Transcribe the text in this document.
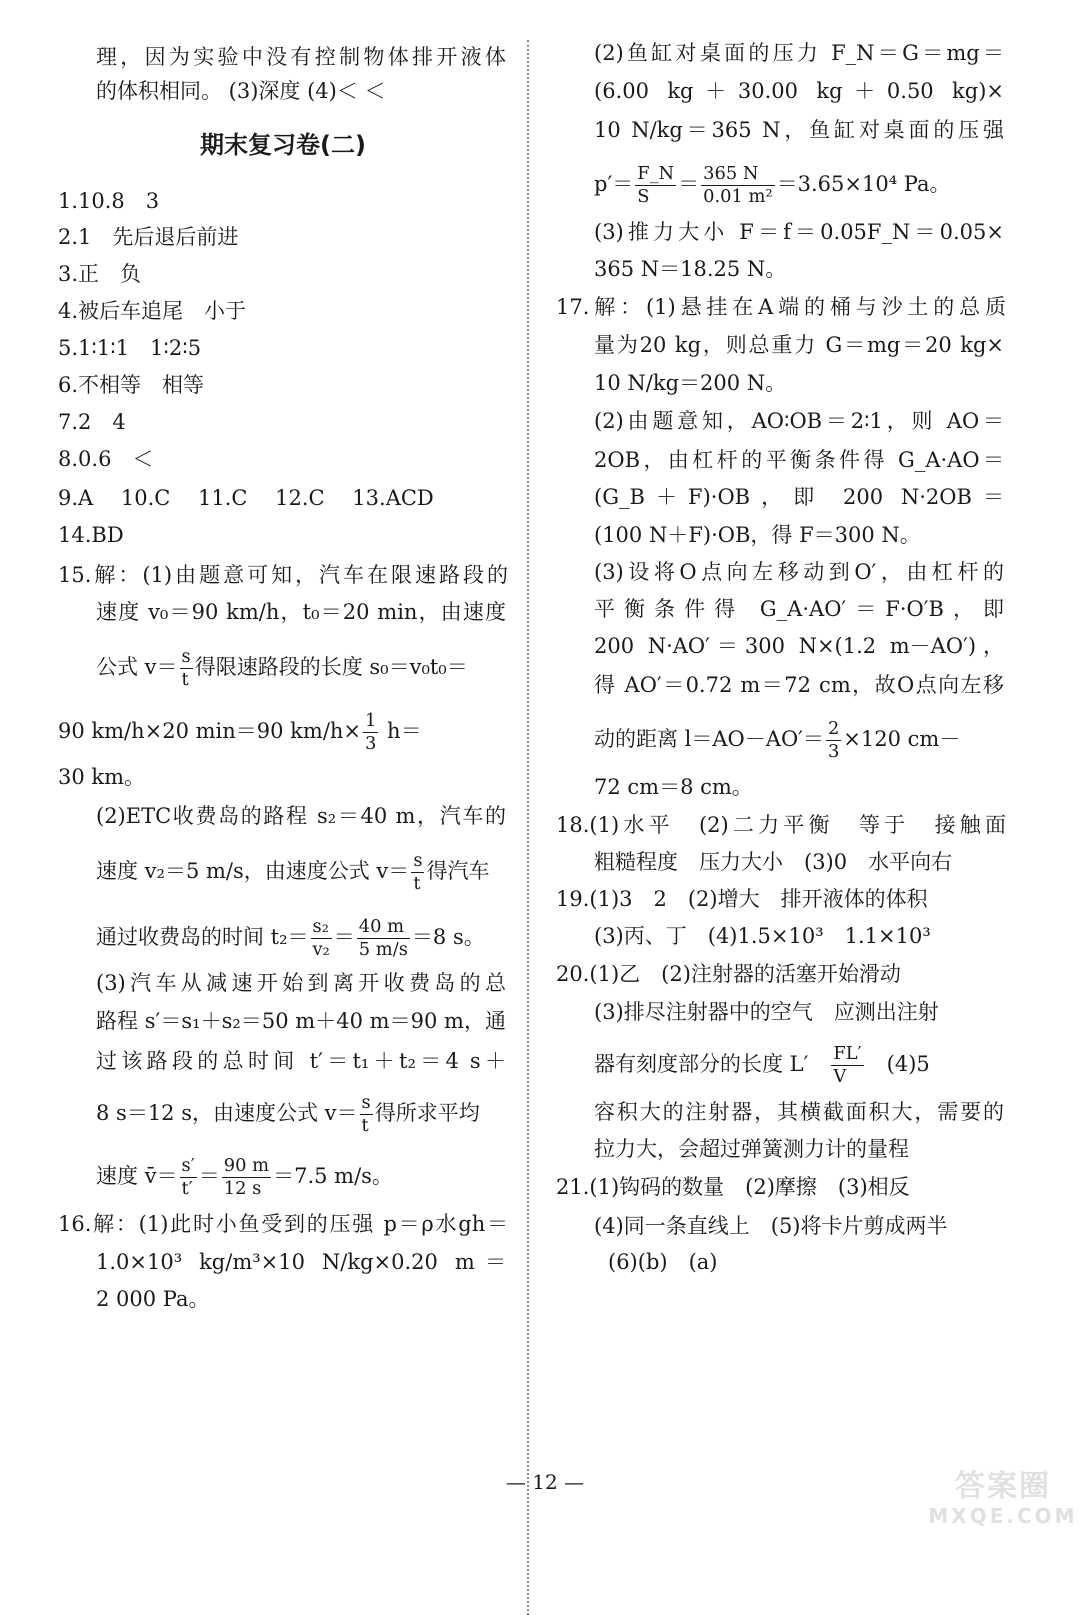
理，因为实验中没有控制物体排开液体
的体积相同。 (3)深度 (4)＜ ＜
期末复习卷(二)
1.10.8　3
2.1　先后退后前进
3.正　负
4.被后车追尾　小于
5.1∶1∶1　1∶2∶5
6.不相等　相等
7.2　4
8.0.6　＜
9.A　 10.C　 11.C　 12.C　 13.ACD
14.BD
15.解：(1)由题意可知，汽车在限速路段的
速度 v₀＝90 km/h，t₀＝20 min，由速度
公式 $v= \frac{s}{t}$ 得限速路段的长度 s₀＝v₀t₀＝
90 km/h×20 min＝90 $km/h\times \frac{1}{3} h=$
30 km。
(2)ETC收费岛的路程 s₂＝40 m，汽车的
速度 v₂＝5 m/s，由速度公式 $v= \frac{s}{t}$ 得汽车
通过收费岛的时间 $t_2= \frac{\text{s₂}}{\text{v₂}} = \frac{40 m}{5 m/s} =8$ s。
(3)汽车从减速开始到离开收费岛的总
路程 s′＝s₁＋s₂＝50 m＋40 m＝90 m，通
过该路段的总时间 t′＝t₁＋t₂＝4 s＋
8 s＝12 s，由速度公式 $v= \frac{s}{t}$ 得所求平均
速度 v̄＝ $\frac{s'}{t'} = \frac{90 m}{12 s} =7.5$ m/s。
16.解：(1)此时小鱼受到的压强 p＝ρ水gh＝
1.0×10³ kg/m³×10 N/kg×0.20 m＝
2 000 Pa。
(2)鱼缸对桌面的压力 F_N＝G＝mg＝
(6.00 kg＋30.00 kg＋0.50 kg)×
10 N/kg＝365 N，鱼缸对桌面的压强
$p'= \frac{F\_N}{S} = \frac{365 N}{\text{0.01 m²}} =3.65\times 10^4$ Pa。
(3)推力大小 F＝f＝0.05F_N＝0.05×
365 N＝18.25 N。
17.解：(1)悬挂在A端的桶与沙土的总质
量为20 kg，则总重力 G＝mg＝20 kg×
10 N/kg＝200 N。
(2)由题意知，AO∶OB＝2∶1，则 AO＝
2OB，由杠杆的平衡条件得 G_A·AO＝
(G_B＋F)·OB，即 200 N·2OB＝
(100 N＋F)·OB，得 F＝300 N。
(3)设将O点向左移动到O′，由杠杆的
平衡条件得 G_A·AO′＝F·O′B，即
200 N·AO′＝300 N×(1.2 m－AO′)，
得 AO′＝0.72 m＝72 cm，故O点向左移
动的距离 $l=AO-AO'= \frac{2}{3} \times 120$ cm－
72 cm＝8 cm。
18.(1)水平　(2)二力平衡　等于　接触面
粗糙程度　压力大小　(3)0　水平向右
19.(1)3　2　(2)增大　排开液体的体积
(3)丙、丁　(4)1.5×10³　1.1×10³
20.(1)乙　(2)注射器的活塞开始滑动
(3)排尽注射器中的空气　应测出注射
器有刻度部分的长度 L′　 $\frac{FL'}{V}$ 　(4)5
容积大的注射器，其横截面积大，需要的
拉力大，会超过弹簧测力计的量程
21.(1)钩码的数量　(2)摩擦　(3)相反
(4)同一条直线上　(5)将卡片剪成两半
(6)(b)　(a)
— 12 —	答案圈
MXQE.COM
